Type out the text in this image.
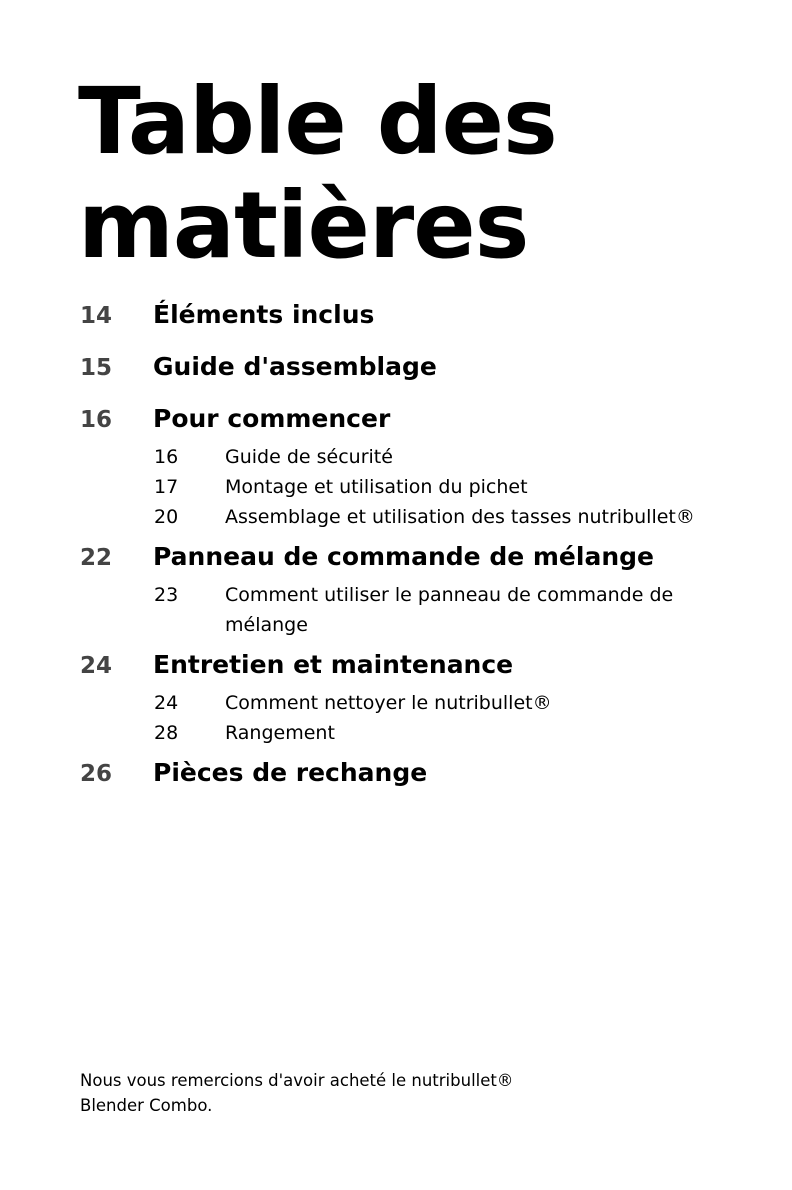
Table des
matières
14	Éléments inclus
15	Guide d'assemblage
16	Pour commencer
16	Guide de sécurité
17	Montage et utilisation du pichet
20	Assemblage et utilisation des tasses nutribullet®
22	Panneau de commande de mélange
23	Comment utiliser le panneau de commande de mélange
24	Entretien et maintenance
24	Comment nettoyer le nutribullet®
28	Rangement
26	Pièces de rechange

Nous vous remercions d'avoir acheté le nutribullet® Blender Combo.
